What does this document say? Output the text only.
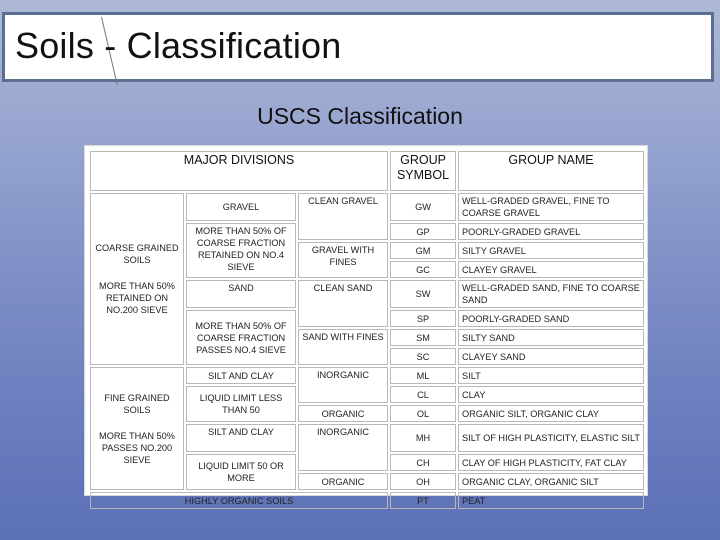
Soils - Classification
USCS Classification
MAJOR DIVISIONS			GROUP SYMBOL	GROUP NAME

COARSE GRAINED SOILS
MORE THAN 50% RETAINED ON NO.200 SIEVE	GRAVEL	CLEAN GRAVEL	GW	WELL-GRADED GRAVEL, FINE TO COARSE GRAVEL
	MORE THAN 50% OF COARSE FRACTION RETAINED ON NO.4 SIEVE		GP	POORLY-GRADED GRAVEL
		GRAVEL WITH FINES	GM	SILTY GRAVEL
			GC	CLAYEY GRAVEL
	SAND	CLEAN SAND	SW	WELL-GRADED SAND, FINE TO COARSE SAND
	MORE THAN 50% OF COARSE FRACTION PASSES NO.4 SIEVE		SP	POORLY-GRADED SAND
		SAND WITH FINES	SM	SILTY SAND
			SC	CLAYEY SAND

FINE GRAINED SOILS
MORE THAN 50% PASSES NO.200 SIEVE	SILT AND CLAY	INORGANIC	ML	SILT
	LIQUID LIMIT LESS THAN 50		CL	CLAY
		ORGANIC	OL	ORGANIC SILT, ORGANIC CLAY
	SILT AND CLAY	INORGANIC	MH	SILT OF HIGH PLASTICITY, ELASTIC SILT
	LIQUID LIMIT 50 OR MORE		CH	CLAY OF HIGH PLASTICITY, FAT CLAY
		ORGANIC	OH	ORGANIC CLAY, ORGANIC SILT
HIGHLY ORGANIC SOILS			PT	PEAT
